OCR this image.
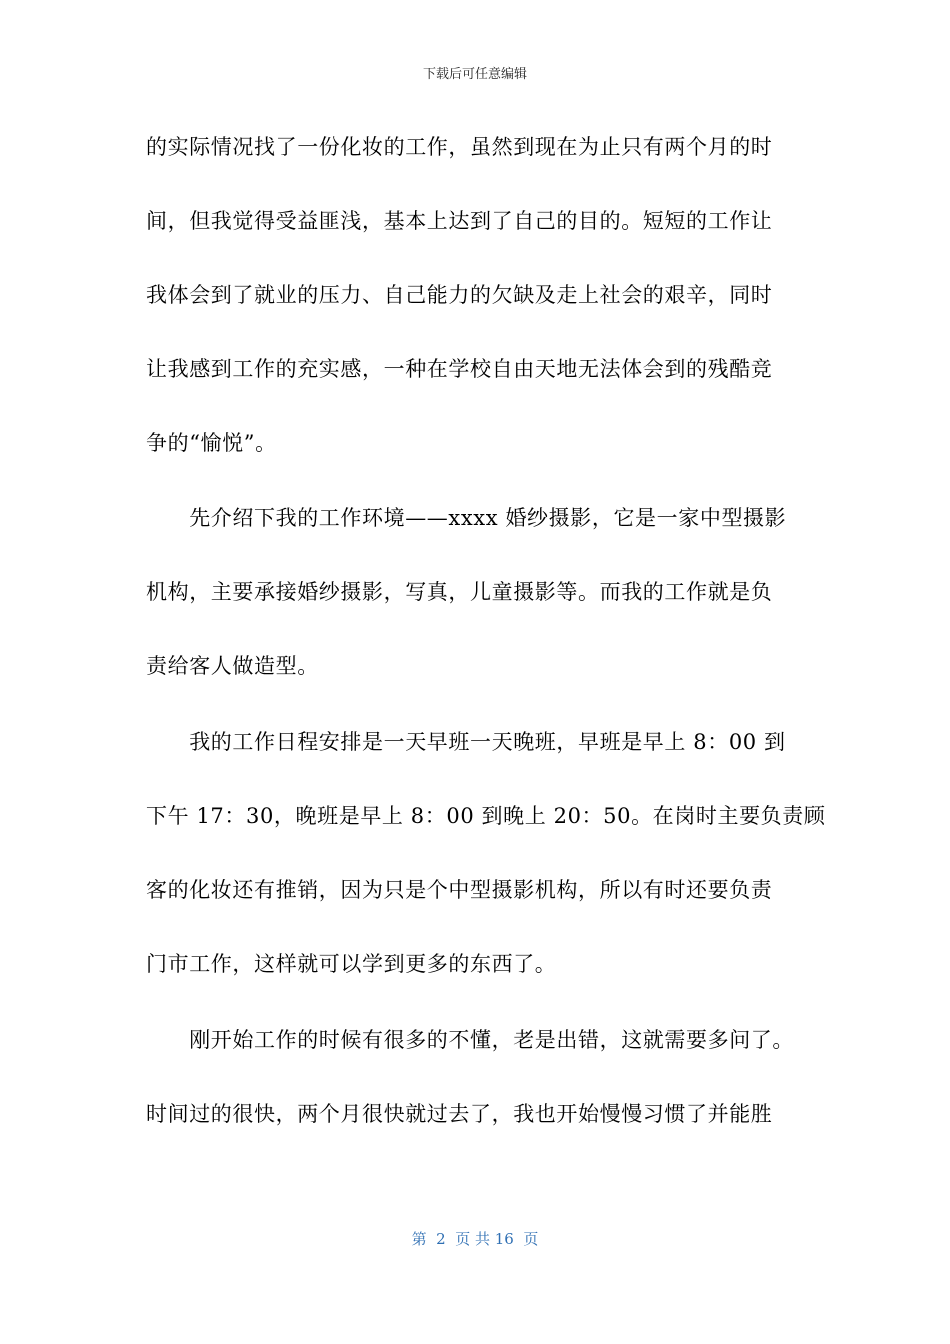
下载后可任意编辑
的实际情况找了一份化妆的工作，虽然到现在为止只有两个月的时
间，但我觉得受益匪浅，基本上达到了自己的目的。短短的工作让
我体会到了就业的压力、自己能力的欠缺及走上社会的艰辛，同时
让我感到工作的充实感，一种在学校自由天地无法体会到的残酷竞
争的“愉悦”。
　　先介绍下我的工作环境——xxxx 婚纱摄影，它是一家中型摄影
机构，主要承接婚纱摄影，写真，儿童摄影等。而我的工作就是负
责给客人做造型。
　　我的工作日程安排是一天早班一天晚班，早班是早上 8：00 到
下午 17：30，晚班是早上 8：00 到晚上 20：50。在岗时主要负责顾
客的化妆还有推销，因为只是个中型摄影机构，所以有时还要负责
门市工作，这样就可以学到更多的东西了。
　　刚开始工作的时候有很多的不懂，老是出错，这就需要多问了。
时间过的很快，两个月很快就过去了，我也开始慢慢习惯了并能胜
第  2  页 共 16  页
